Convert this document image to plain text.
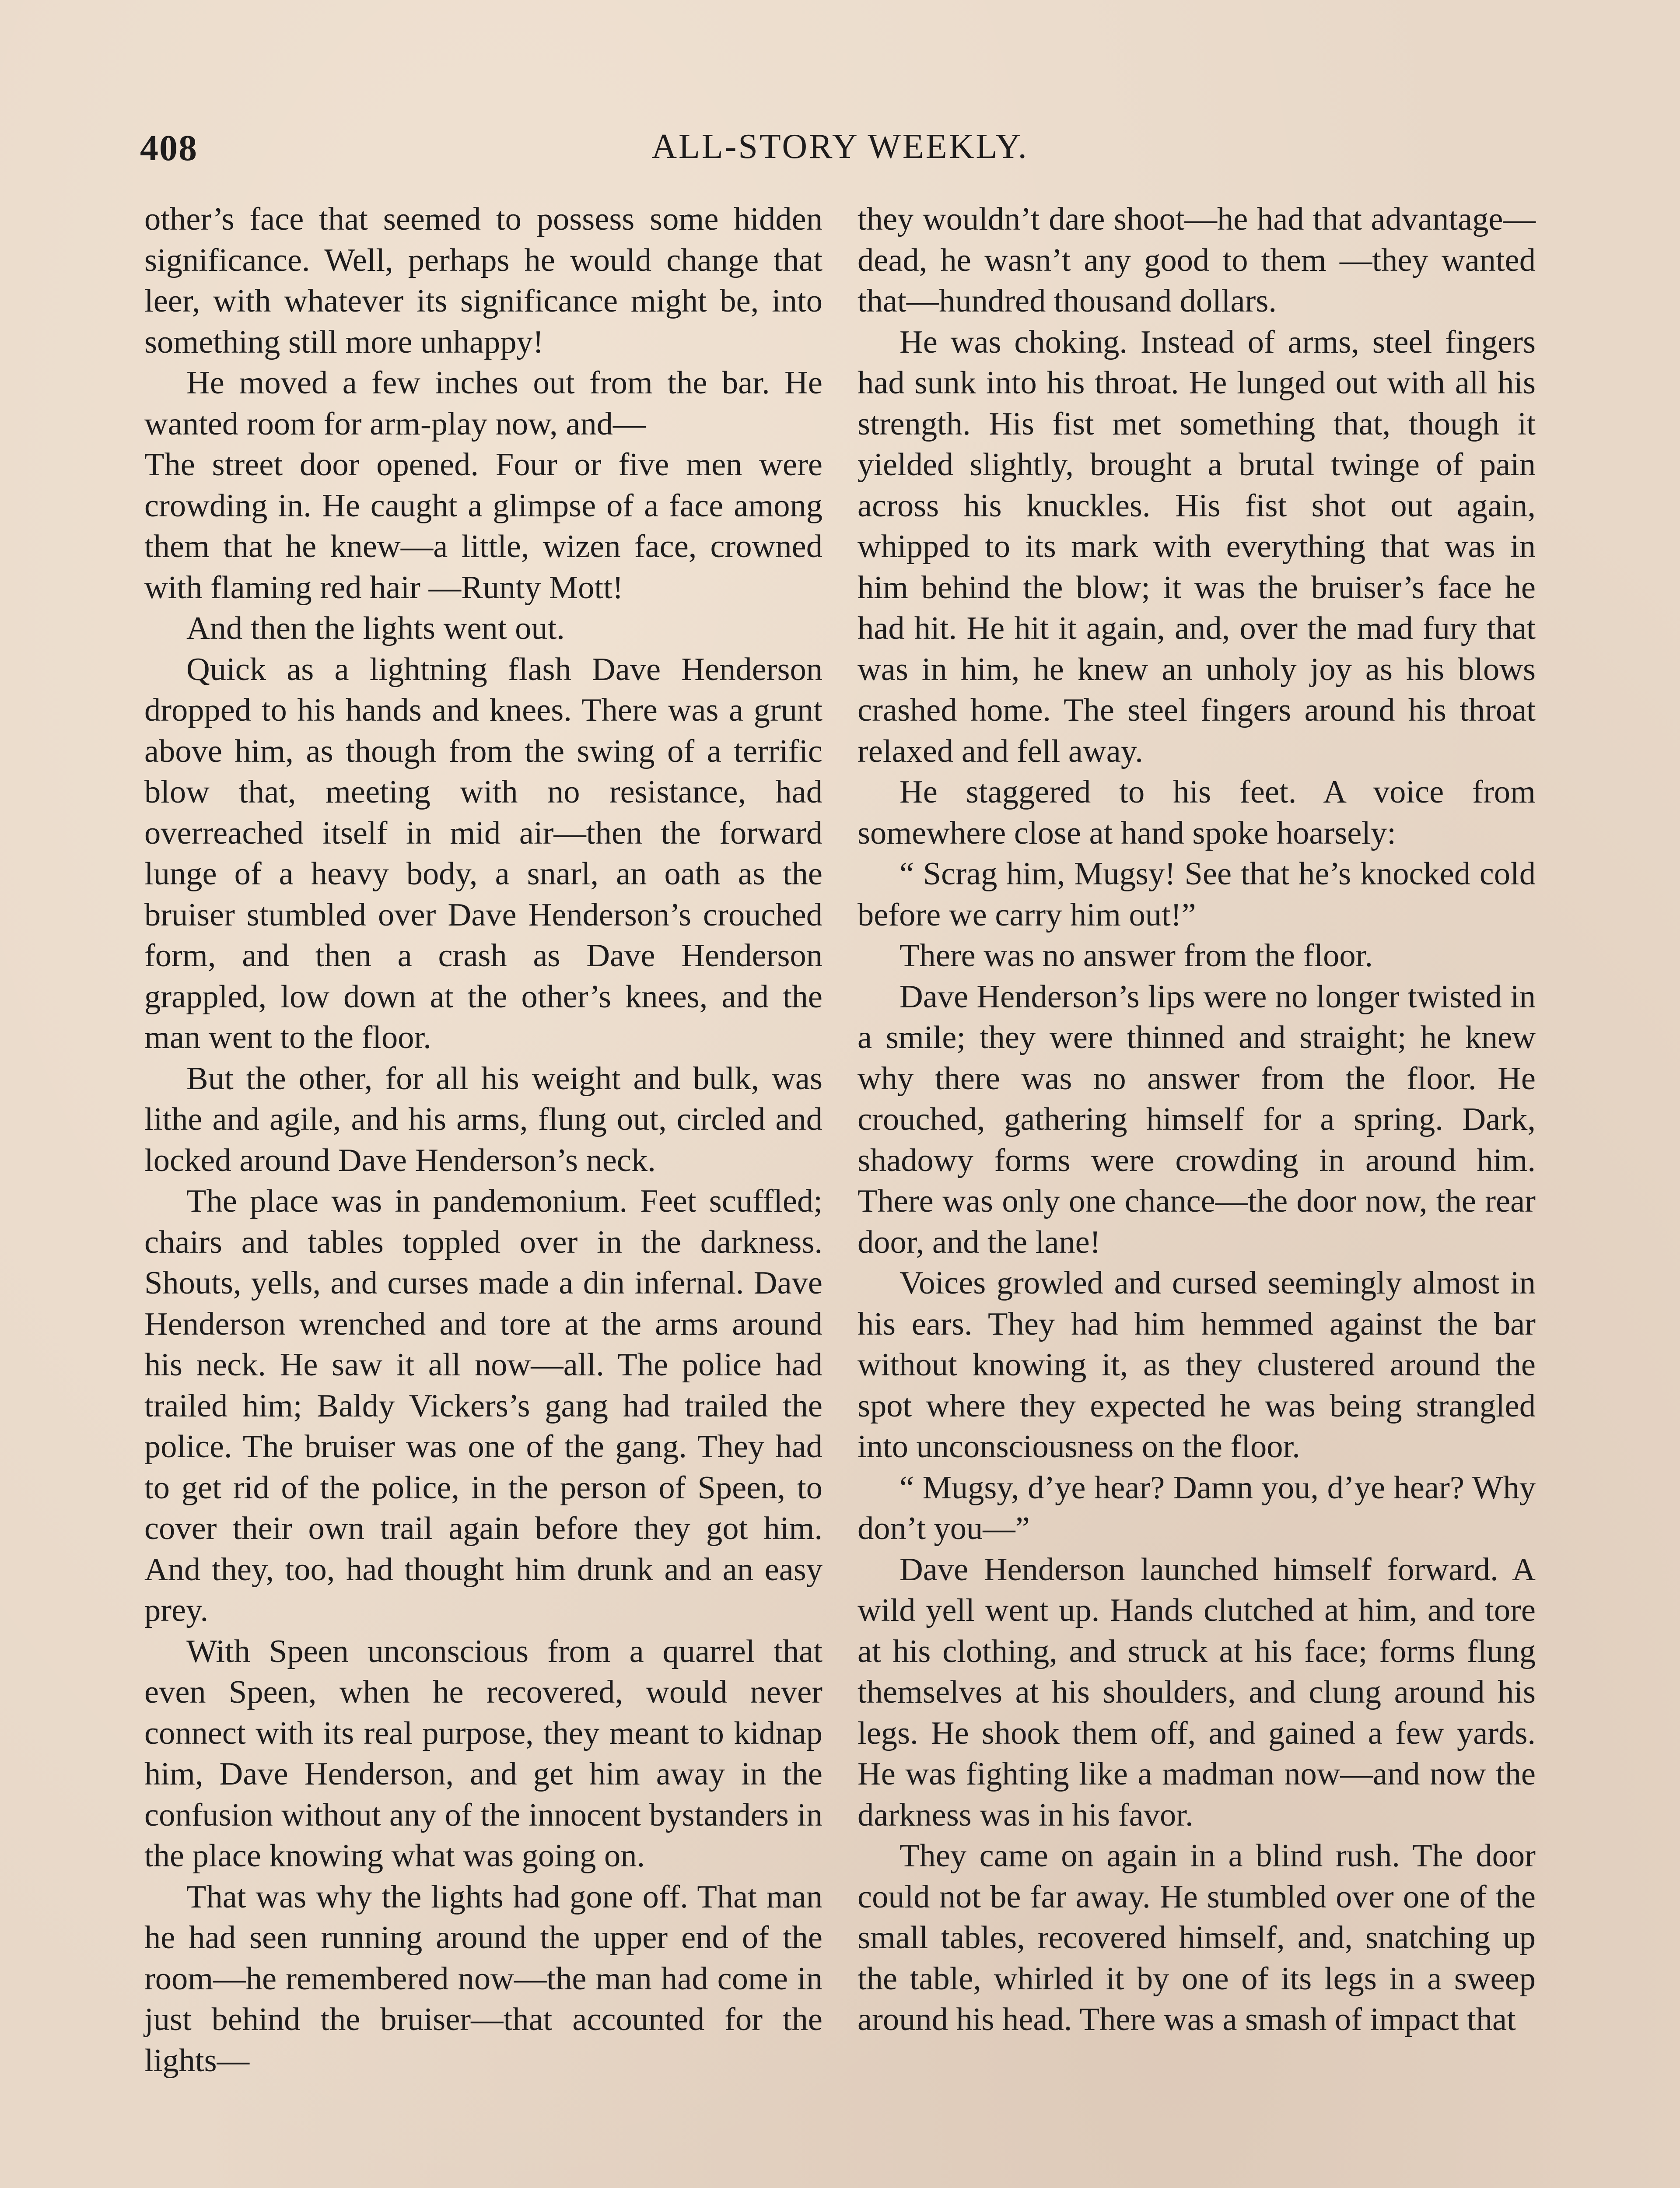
408	ALL-STORY WEEKLY.

other’s face that seemed to possess some hidden significance. Well, perhaps he would change that leer, with whatever its significance might be, into something still more unhappy!

He moved a few inches out from the bar. He wanted room for arm-play now, and—

The street door opened. Four or five men were crowding in. He caught a glimpse of a face among them that he knew—a little, wizen face, crowned with flaming red hair —Runty Mott!

And then the lights went out.

Quick as a lightning flash Dave Henderson dropped to his hands and knees. There was a grunt above him, as though from the swing of a terrific blow that, meeting with no resistance, had overreached itself in mid air—then the forward lunge of a heavy body, a snarl, an oath as the bruiser stumbled over Dave Henderson’s crouched form, and then a crash as Dave Henderson grappled, low down at the other’s knees, and the man went to the floor.

But the other, for all his weight and bulk, was lithe and agile, and his arms, flung out, circled and locked around Dave Henderson’s neck.

The place was in pandemonium. Feet scuffled; chairs and tables toppled over in the darkness. Shouts, yells, and curses made a din infernal. Dave Henderson wrenched and tore at the arms around his neck. He saw it all now—all. The police had trailed him; Baldy Vickers’s gang had trailed the police. The bruiser was one of the gang. They had to get rid of the police, in the person of Speen, to cover their own trail again before they got him. And they, too, had thought him drunk and an easy prey.

With Speen unconscious from a quarrel that even Speen, when he recovered, would never connect with its real purpose, they meant to kidnap him, Dave Henderson, and get him away in the confusion without any of the innocent bystanders in the place knowing what was going on.

That was why the lights had gone off. That man he had seen running around the upper end of the room—he remembered now—the man had come in just behind the bruiser—that accounted for the lights—

they wouldn’t dare shoot—he had that advantage—dead, he wasn’t any good to them —they wanted that—hundred thousand dollars.

He was choking. Instead of arms, steel fingers had sunk into his throat. He lunged out with all his strength. His fist met something that, though it yielded slightly, brought a brutal twinge of pain across his knuckles. His fist shot out again, whipped to its mark with everything that was in him behind the blow; it was the bruiser’s face he had hit. He hit it again, and, over the mad fury that was in him, he knew an unholy joy as his blows crashed home. The steel fingers around his throat relaxed and fell away.

He staggered to his feet. A voice from somewhere close at hand spoke hoarsely:

“ Scrag him, Mugsy! See that he’s knocked cold before we carry him out!”

There was no answer from the floor.

Dave Henderson’s lips were no longer twisted in a smile; they were thinned and straight; he knew why there was no answer from the floor. He crouched, gathering himself for a spring. Dark, shadowy forms were crowding in around him. There was only one chance—the door now, the rear door, and the lane!

Voices growled and cursed seemingly almost in his ears. They had him hemmed against the bar without knowing it, as they clustered around the spot where they expected he was being strangled into unconsciousness on the floor.

“ Mugsy, d’ye hear? Damn you, d’ye hear? Why don’t you—”

Dave Henderson launched himself forward. A wild yell went up. Hands clutched at him, and tore at his clothing, and struck at his face; forms flung themselves at his shoulders, and clung around his legs. He shook them off, and gained a few yards. He was fighting like a madman now—and now the darkness was in his favor.

They came on again in a blind rush. The door could not be far away. He stumbled over one of the small tables, recovered himself, and, snatching up the table, whirled it by one of its legs in a sweep around his head. There was a smash of impact that
